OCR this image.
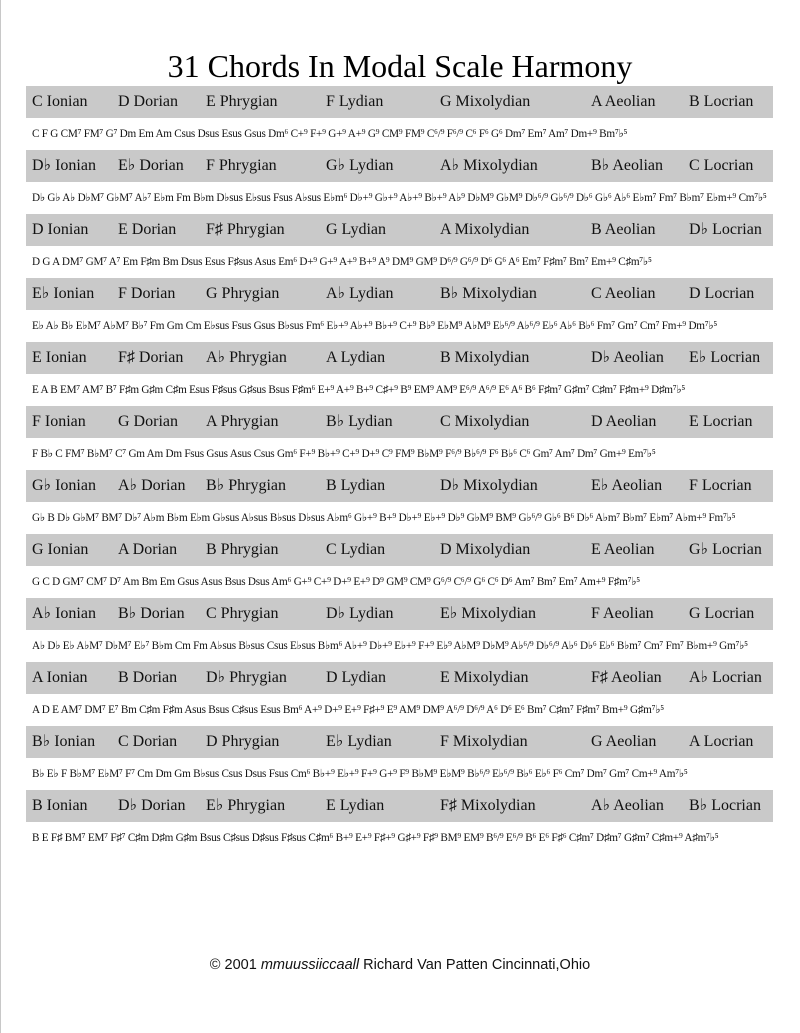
31 Chords In Modal Scale Harmony
C Ionian D Dorian E Phrygian	F Lydian	G Mixolydian	A Aeolian B Locrian
C F G CM⁷ FM⁷ G⁷ Dm Em Am Csus Dsus Esus Gsus Dm⁶ C+⁹ F+⁹ G+⁹ A+⁹ G⁹ CM⁹ FM⁹ C⁶/⁹ F⁶/⁹ C⁶ F⁶ G⁶ Dm⁷ Em⁷ Am⁷ Dm+⁹ Bm⁷♭⁵
D♭ Ionian E♭ Dorian F Phrygian	G♭ Lydian	A♭ Mixolydian	B♭ Aeolian C Locrian
D♭ G♭ A♭ D♭M⁷ G♭M⁷ A♭⁷ E♭m Fm B♭m D♭sus E♭sus Fsus A♭sus E♭m⁶ D♭+⁹ G♭+⁹ A♭+⁹ B♭+⁹ A♭⁹ D♭M⁹ G♭M⁹ D♭⁶/⁹ G♭⁶/⁹ D♭⁶ G♭⁶ A♭⁶ E♭m⁷ Fm⁷ B♭m⁷ E♭m+⁹ Cm⁷♭⁵
D Ionian E Dorian F♯ Phrygian	G Lydian	A Mixolydian	B Aeolian D♭ Locrian
D G A DM⁷ GM⁷ A⁷ Em F♯m Bm Dsus Esus F♯sus Asus Em⁶ D+⁹ G+⁹ A+⁹ B+⁹ A⁹ DM⁹ GM⁹ D⁶/⁹ G⁶/⁹ D⁶ G⁶ A⁶ Em⁷ F♯m⁷ Bm⁷ Em+⁹ C♯m⁷♭⁵
E♭ Ionian F Dorian G Phrygian	A♭ Lydian	B♭ Mixolydian	C Aeolian D Locrian
E♭ A♭ B♭ E♭M⁷ A♭M⁷ B♭⁷ Fm Gm Cm E♭sus Fsus Gsus B♭sus Fm⁶ E♭+⁹ A♭+⁹ B♭+⁹ C+⁹ B♭⁹ E♭M⁹ A♭M⁹ E♭⁶/⁹ A♭⁶/⁹ E♭⁶ A♭⁶ B♭⁶ Fm⁷ Gm⁷ Cm⁷ Fm+⁹ Dm⁷♭⁵
E Ionian F♯ Dorian A♭ Phrygian A Lydian	B Mixolydian	D♭ Aeolian E♭ Locrian
E A B EM⁷ AM⁷ B⁷ F♯m G♯m C♯m Esus F♯sus G♯sus Bsus F♯m⁶ E+⁹ A+⁹ B+⁹ C♯+⁹ B⁹ EM⁹ AM⁹ E⁶/⁹ A⁶/⁹ E⁶ A⁶ B⁶ F♯m⁷ G♯m⁷ C♯m⁷ F♯m+⁹ D♯m⁷♭⁵
F Ionian G Dorian A Phrygian	B♭ Lydian	C Mixolydian	D Aeolian E Locrian
F B♭ C FM⁷ B♭M⁷ C⁷ Gm Am Dm Fsus Gsus Asus Csus Gm⁶ F+⁹ B♭+⁹ C+⁹ D+⁹ C⁹ FM⁹ B♭M⁹ F⁶/⁹ B♭⁶/⁹ F⁶ B♭⁶ C⁶ Gm⁷ Am⁷ Dm⁷ Gm+⁹ Em⁷♭⁵
G♭ Ionian A♭ Dorian B♭ Phrygian	B Lydian	D♭ Mixolydian	E♭ Aeolian F Locrian
G♭ B D♭ G♭M⁷ BM⁷ D♭⁷ A♭m B♭m E♭m G♭sus A♭sus B♭sus D♭sus A♭m⁶ G♭+⁹ B+⁹ D♭+⁹ E♭+⁹ D♭⁹ G♭M⁹ BM⁹ G♭⁶/⁹ G♭⁶ B⁶ D♭⁶ A♭m⁷ B♭m⁷ E♭m⁷ A♭m+⁹ Fm⁷♭⁵
G Ionian A Dorian B Phrygian	C Lydian	D Mixolydian	E Aeolian G♭ Locrian
G C D GM⁷ CM⁷ D⁷ Am Bm Em Gsus Asus Bsus Dsus Am⁶ G+⁹ C+⁹ D+⁹ E+⁹ D⁹ GM⁹ CM⁹ G⁶/⁹ C⁶/⁹ G⁶ C⁶ D⁶ Am⁷ Bm⁷ Em⁷ Am+⁹ F♯m⁷♭⁵
A♭ Ionian B♭ Dorian C Phrygian	D♭ Lydian	E♭ Mixolydian	F Aeolian G Locrian
A♭ D♭ E♭ A♭M⁷ D♭M⁷ E♭⁷ B♭m Cm Fm A♭sus B♭sus Csus E♭sus B♭m⁶ A♭+⁹ D♭+⁹ E♭+⁹ F+⁹ E♭⁹ A♭M⁹ D♭M⁹ A♭⁶/⁹ D♭⁶/⁹ A♭⁶ D♭⁶ E♭⁶ B♭m⁷ Cm⁷ Fm⁷ B♭m+⁹ Gm⁷♭⁵
A Ionian B Dorian D♭ Phrygian D Lydian	E Mixolydian	F♯ Aeolian A♭ Locrian
A D E AM⁷ DM⁷ E⁷ Bm C♯m F♯m Asus Bsus C♯sus Esus Bm⁶ A+⁹ D+⁹ E+⁹ F♯+⁹ E⁹ AM⁹ DM⁹ A⁶/⁹ D⁶/⁹ A⁶ D⁶ E⁶ Bm⁷ C♯m⁷ F♯m⁷ Bm+⁹ G♯m⁷♭⁵
B♭ Ionian C Dorian D Phrygian	E♭ Lydian	F Mixolydian	G Aeolian A Locrian
B♭ E♭ F B♭M⁷ E♭M⁷ F⁷ Cm Dm Gm B♭sus Csus Dsus Fsus Cm⁶ B♭+⁹ E♭+⁹ F+⁹ G+⁹ F⁹ B♭M⁹ E♭M⁹ B♭⁶/⁹ E♭⁶/⁹ B♭⁶ E♭⁶ F⁶ Cm⁷ Dm⁷ Gm⁷ Cm+⁹ Am⁷♭⁵
B Ionian D♭ Dorian E♭ Phrygian	E Lydian	F♯ Mixolydian	A♭ Aeolian B♭ Locrian
B E F♯ BM⁷ EM⁷ F♯⁷ C♯m D♯m G♯m Bsus C♯sus D♯sus F♯sus C♯m⁶ B+⁹ E+⁹ F♯+⁹ G♯+⁹ F♯⁹ BM⁹ EM⁹ B⁶/⁹ E⁶/⁹ B⁶ E⁶ F♯⁶ C♯m⁷ D♯m⁷ G♯m⁷ C♯m+⁹ A♯m⁷♭⁵
© 2001 mmuussiiccaall Richard Van Patten Cincinnati,Ohio
